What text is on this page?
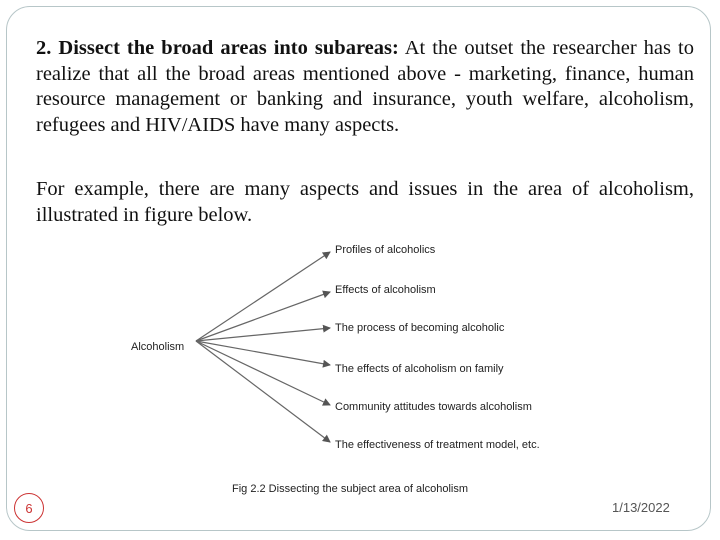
2. Dissect the broad areas into subareas: At the outset the researcher has to realize that all the broad areas mentioned above - marketing, finance, human resource management or banking and insurance, youth welfare, alcoholism, refugees and HIV/AIDS have many aspects.
For example, there are many aspects and issues in the area of alcoholism, illustrated in figure below.
Alcoholism
Profiles of alcoholics
Effects of alcoholism
The process of becoming alcoholic
The effects of alcoholism on family
Community attitudes towards alcoholism
The effectiveness of treatment model, etc.
Fig 2.2 Dissecting the subject area of alcoholism
6	1/13/2022
